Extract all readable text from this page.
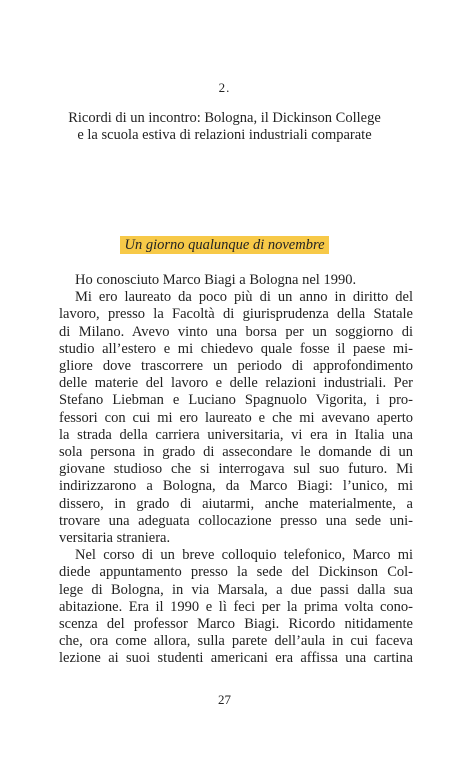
2.
Ricordi di un incontro: Bologna, il Dickinson College
e la scuola estiva di relazioni industriali comparate
Un giorno qualunque di novembre
Ho conosciuto Marco Biagi a Bologna nel 1990.
Mi ero laureato da poco più di un anno in diritto del
lavoro, presso la Facoltà di giurisprudenza della Statale
di Milano. Avevo vinto una borsa per un soggiorno di
studio all’estero e mi chiedevo quale fosse il paese mi-
gliore dove trascorrere un periodo di approfondimento
delle materie del lavoro e delle relazioni industriali. Per
Stefano Liebman e Luciano Spagnuolo Vigorita, i pro-
fessori con cui mi ero laureato e che mi avevano aperto
la strada della carriera universitaria, vi era in Italia una
sola persona in grado di assecondare le domande di un
giovane studioso che si interrogava sul suo futuro. Mi
indirizzarono a Bologna, da Marco Biagi: l’unico, mi
dissero, in grado di aiutarmi, anche materialmente, a
trovare una adeguata collocazione presso una sede uni-
versitaria straniera.
Nel corso di un breve colloquio telefonico, Marco mi
diede appuntamento presso la sede del Dickinson Col-
lege di Bologna, in via Marsala, a due passi dalla sua
abitazione. Era il 1990 e lì feci per la prima volta cono-
scenza del professor Marco Biagi. Ricordo nitidamente
che, ora come allora, sulla parete dell’aula in cui faceva
lezione ai suoi studenti americani era affissa una cartina
27
